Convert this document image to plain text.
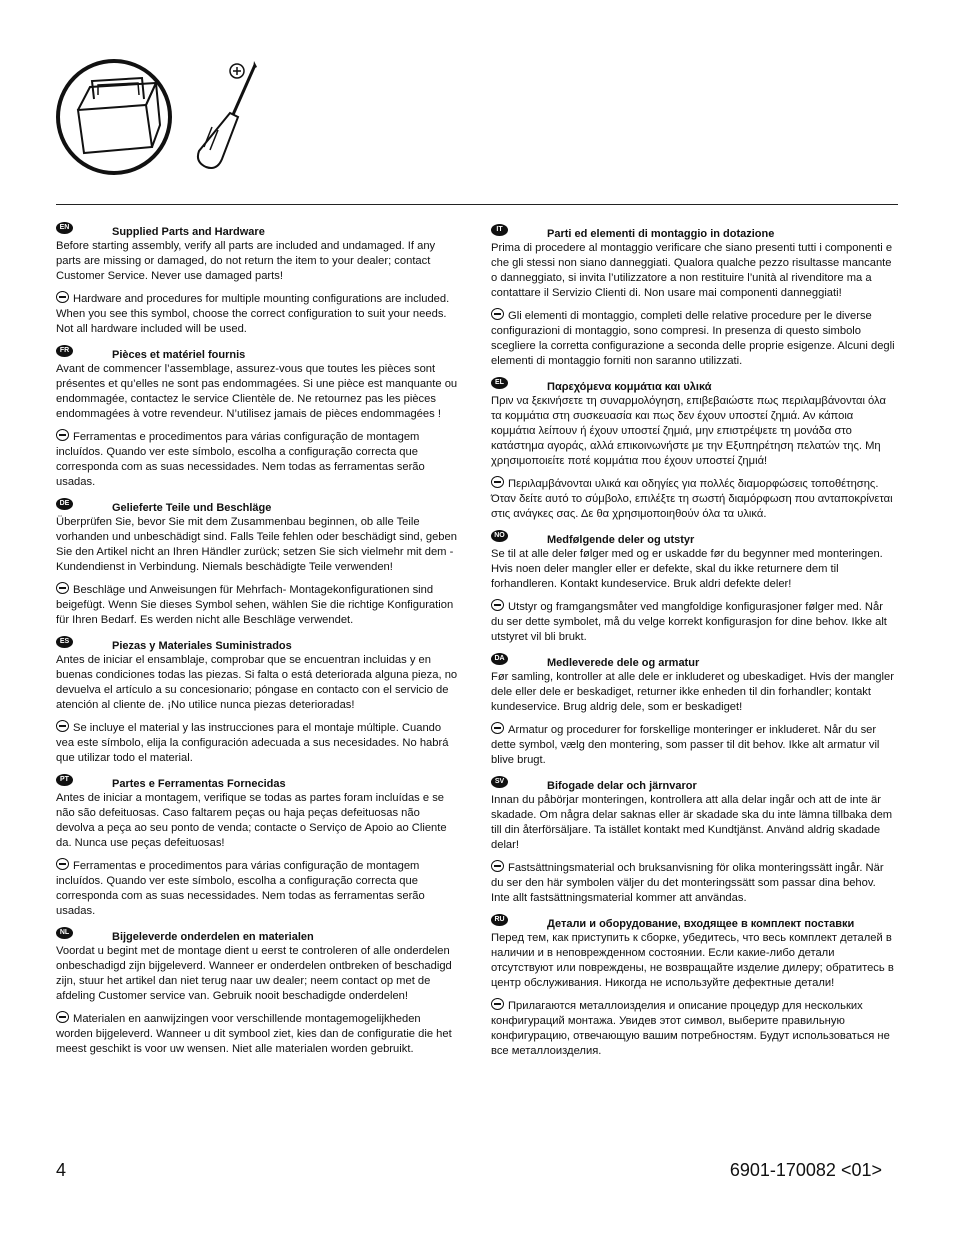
EN	Supplied Parts and Hardware

Before starting assembly, verify all parts are included and undamaged. If any parts are missing or damaged, do not return the item to your dealer; contact Customer Service. Never use damaged parts!

Hardware and procedures for multiple mounting configurations are included. When you see this symbol, choose the correct configuration to suit your needs. Not all hardware included will be used.

FR	Pièces et matériel fournis

Avant de commencer l’assemblage, assurez-vous que toutes les pièces sont présentes et qu’elles ne sont pas endommagées. Si une pièce est manquante ou endommagée, contactez le service Clientèle de. Ne retournez pas les pièces endommagées à votre revendeur. N’utilisez jamais de pièces endommagées !

Ferramentas e procedimentos para várias configuração de montagem incluídos. Quando ver este símbolo, escolha a configuração correcta que corresponda com as suas necessidades. Nem todas as ferramentas serão usadas.

DE	Gelieferte Teile und Beschläge

Überprüfen Sie, bevor Sie mit dem Zusammenbau beginnen, ob alle Teile vorhanden und unbeschädigt sind. Falls Teile fehlen oder beschädigt sind, geben Sie den Artikel nicht an Ihren Händler zurück; setzen Sie sich vielmehr mit dem -Kundendienst in Verbindung. Niemals beschädigte Teile verwenden!

Beschläge und Anweisungen für Mehrfach- Montagekonfigurationen sind beigefügt. Wenn Sie dieses Symbol sehen, wählen Sie die richtige Konfiguration für Ihren Bedarf. Es werden nicht alle Beschläge verwendet.

ES	Piezas y Materiales Suministrados

Antes de iniciar el ensamblaje, comprobar que se encuentran incluidas y en buenas condiciones todas las piezas. Si falta o está deteriorada alguna pieza, no devuelva el artículo a su concesionario; póngase en contacto con el servicio de atención al cliente de. ¡No utilice nunca piezas deterioradas!

Se incluye el material y las instrucciones para el montaje múltiple. Cuando vea este símbolo, elija la configuración adecuada a sus necesidades. No habrá que utilizar todo el material.

PT	Partes e Ferramentas Fornecidas

Antes de iniciar a montagem, verifique se todas as partes foram incluídas e se não são defeituosas. Caso faltarem peças ou haja peças defeituosas não devolva a peça ao seu ponto de venda; contacte o Serviço de Apoio ao Cliente da. Nunca use peças defeituosas!

Ferramentas e procedimentos para várias configuração de montagem incluídos. Quando ver este símbolo, escolha a configuração correcta que corresponda com as suas necessidades. Nem todas as ferramentas serão usadas.

NL	Bijgeleverde onderdelen en materialen

Voordat u begint met de montage dient u eerst te controleren of alle onderdelen onbeschadigd zijn bijgeleverd. Wanneer er onderdelen ontbreken of beschadigd zijn, stuur het artikel dan niet terug naar uw dealer; neem contact op met de afdeling Customer service van. Gebruik nooit beschadigde onderdelen!

Materialen en aanwijzingen voor verschillende montagemogelijkheden worden bijgeleverd. Wanneer u dit symbool ziet, kies dan de configuratie die het meest geschikt is voor uw wensen. Niet alle materialen worden gebruikt.

IT	Parti ed elementi di montaggio in dotazione

Prima di procedere al montaggio verificare che siano presenti tutti i componenti e che gli stessi non siano danneggiati. Qualora qualche pezzo risultasse mancante o danneggiato, si invita l’utilizzatore a non restituire l’unità al rivenditore ma a contattare il Servizio Clienti di. Non usare mai componenti danneggiati!

Gli elementi di montaggio, completi delle relative procedure per le diverse configurazioni di montaggio, sono compresi. In presenza di questo simbolo scegliere la corretta configurazione a seconda delle proprie esigenze. Alcuni degli elementi di montaggio forniti non saranno utilizzati.

EL	Παρεχόμενα κομμάτια και υλικά

Πριν να ξεκινήσετε τη συναρμολόγηση, επιβεβαιώστε πως περιλαμβάνονται όλα τα κομμάτια στη συσκευασία και πως δεν έχουν υποστεί ζημιά. Αν κάποια κομμάτια λείπουν ή έχουν υποστεί ζημιά, μην επιστρέψετε τη μονάδα στο κατάστημα αγοράς, αλλά επικοινωνήστε με την Εξυπηρέτηση πελατών της. Μη χρησιμοποιείτε ποτέ κομμάτια που έχουν υποστεί ζημιά!

Περιλαμβάνονται υλικά και οδηγίες για πολλές διαμορφώσεις τοποθέτησης. Όταν δείτε αυτό το σύμβολο, επιλέξτε τη σωστή διαμόρφωση που ανταποκρίνεται στις ανάγκες σας. Δε θα χρησιμοποιηθούν όλα τα υλικά.

NO	Medfølgende deler og utstyr

Se til at alle deler følger med og er uskadde før du begynner med monteringen. Hvis noen deler mangler eller er defekte, skal du ikke returnere dem til forhandleren. Kontakt kundeservice. Bruk aldri defekte deler!

Utstyr og framgangsmåter ved mangfoldige konfigurasjoner følger med. Når du ser dette symbolet, må du velge korrekt konfigurasjon for dine behov. Ikke alt utstyret vil bli brukt.

DA	Medleverede dele og armatur

Før samling, kontroller at alle dele er inkluderet og ubeskadiget. Hvis der mangler dele eller dele er beskadiget, returner ikke enheden til din forhandler; kontakt kundeservice. Brug aldrig dele, som er beskadiget!

Armatur og procedurer for forskellige monteringer er inkluderet. Når du ser dette symbol, vælg den montering, som passer til dit behov. Ikke alt armatur vil blive brugt.

SV	Bifogade delar och järnvaror

Innan du påbörjar monteringen, kontrollera att alla delar ingår och att de inte är skadade. Om några delar saknas eller är skadade ska du inte lämna tillbaka dem till din återförsäljare. Ta istället kontakt med Kundtjänst. Använd aldrig skadade delar!

Fastsättningsmaterial och bruksanvisning för olika monteringssätt ingår. När du ser den här symbolen väljer du det monteringssätt som passar dina behov. Inte allt fastsättningsmaterial kommer att användas.

RU	Детали и оборудование, входящее в комплект поставки

Перед тем, как приступить к сборке, убедитесь, что весь комплект деталей в наличии и в неповрежденном состоянии. Если какие-либо детали отсутствуют или повреждены, не возвращайте изделие дилеру; обратитесь в центр обслуживания. Никогда не используйте дефектные детали!

Прилагаются металлоизделия и описание процедур для нескольких конфигураций монтажа. Увидев этот символ, выберите правильную конфигурацию, отвечающую вашим потребностям. Будут использоваться не все металлоизделия.

4	6901-170082 <01>
